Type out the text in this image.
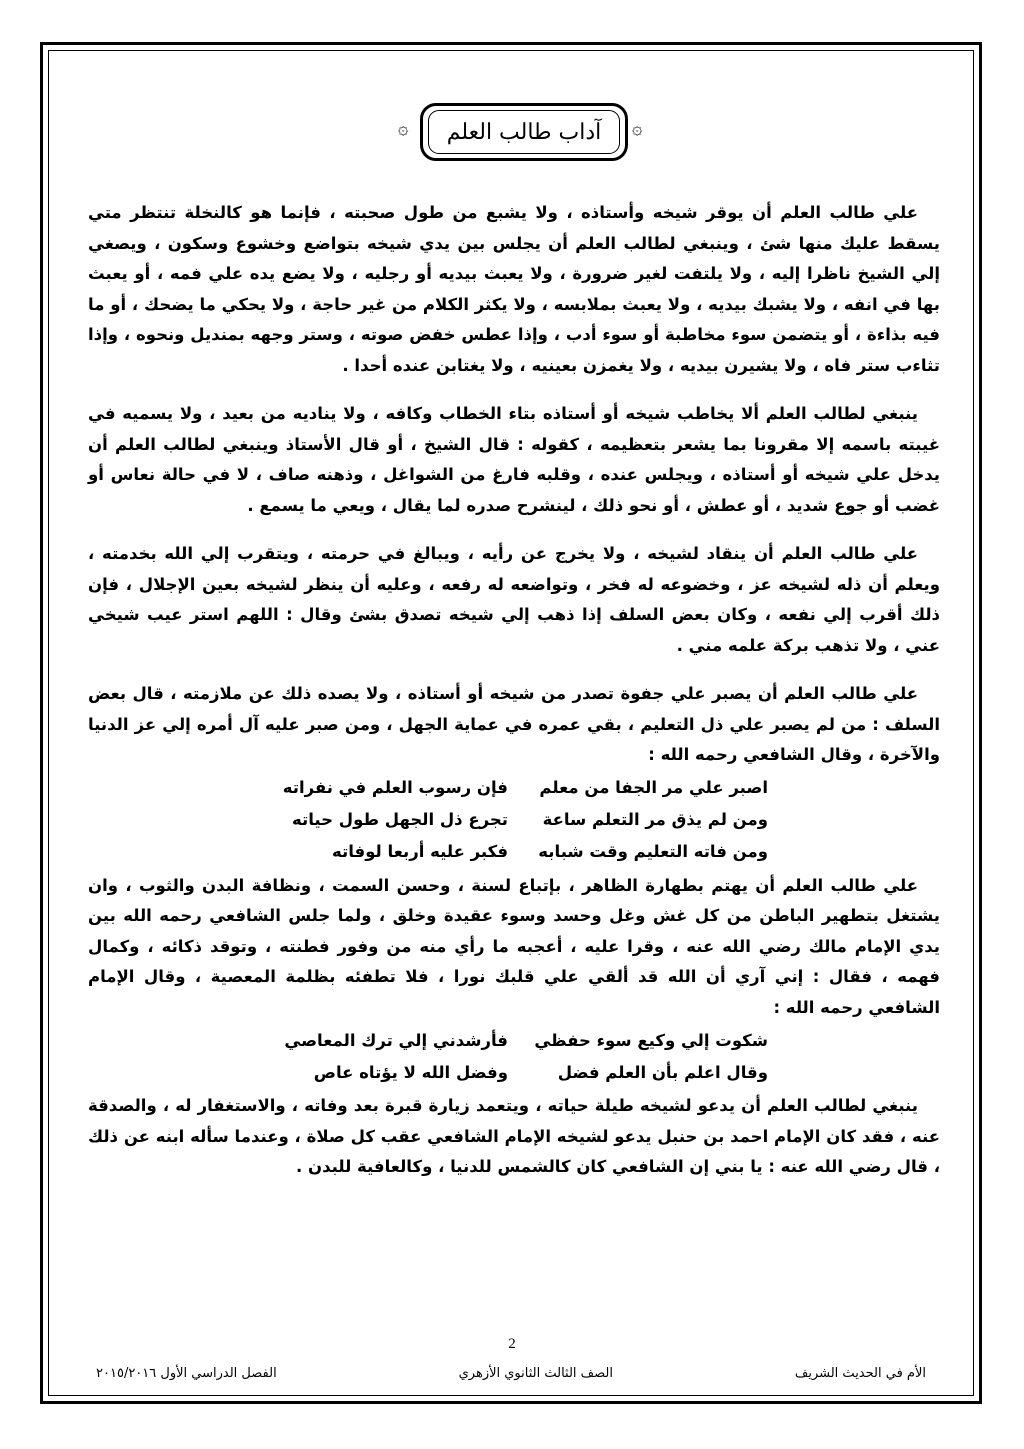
۞
آداب طالب العلم
۞

علي طالب العلم أن يوقر شيخه وأستاذه ، ولا يشبع من طول صحبته ، فإنما هو كالنخلة تنتظر متي يسقط عليك منها شئ ، وينبغي لطالب العلم أن يجلس بين يدي شيخه بتواضع وخشوع وسكون ، ويصغي إلي الشيخ ناظرا إليه ، ولا يلتفت لغير ضرورة ، ولا يعبث بيديه أو رجليه ، ولا يضع يده علي فمه ، أو يعبث بها في انفه ، ولا يشبك بيديه ، ولا يعبث بملابسه ، ولا يكثر الكلام من غير حاجة ، ولا يحكي ما يضحك ، أو ما فيه بذاءة ، أو يتضمن سوء مخاطبة أو سوء أدب ، وإذا عطس خفض صوته ، وستر وجهه بمنديل ونحوه ، وإذا تثاءب ستر فاه ، ولا يشيرن بيديه ، ولا يغمزن بعينيه ، ولا يغتابن عنده أحدا .

ينبغي لطالب العلم ألا يخاطب شيخه أو أستاذه بتاء الخطاب وكافه ، ولا يناديه من بعيد ، ولا يسميه في غيبته باسمه إلا مقرونا بما يشعر بتعظيمه ، كقوله : قال الشيخ ، أو قال الأستاذ وينبغي لطالب العلم أن يدخل علي شيخه أو أستاذه ، ويجلس عنده ، وقلبه فارغ من الشواغل ، وذهنه صاف ، لا في حالة نعاس أو غضب أو جوع شديد ، أو عطش ، أو نحو ذلك ، لينشرح صدره لما يقال ، ويعي ما يسمع .

علي طالب العلم أن ينقاد لشيخه ، ولا يخرج عن رأيه ، ويبالغ في حرمته ، ويتقرب إلي الله بخدمته ، ويعلم أن ذله لشيخه عز ، وخضوعه له فخر ، وتواضعه له رفعه ، وعليه أن ينظر لشيخه بعين الإجلال ، فإن ذلك أقرب إلي نفعه ، وكان بعض السلف إذا ذهب إلي شيخه تصدق بشئ وقال : اللهم استر عيب شيخي عني ، ولا تذهب بركة علمه مني .

علي طالب العلم أن يصبر علي جفوة تصدر من شيخه أو أستاذه ، ولا يصده ذلك عن ملازمته ، قال بعض السلف : من لم يصبر علي ذل التعليم ، بقي عمره في عماية الجهل ، ومن صبر عليه آل أمره إلي عز الدنيا والآخرة ، وقال الشافعي رحمه الله :

اصبر علي مر الجفا من معلم
فإن رسوب العلم في نفراته
ومن لم يذق مر التعلم ساعة
تجرع ذل الجهل طول حياته
ومن فاته التعليم وقت شبابه
فكبر عليه أربعا لوفاته

علي طالب العلم أن يهتم بطهارة الظاهر ، بإتباع لسنة ، وحسن السمت ، ونظافة البدن والثوب ، وان يشتغل بتطهير الباطن من كل غش وغل وحسد وسوء عقيدة وخلق ، ولما جلس الشافعي رحمه الله بين يدي الإمام مالك رضي الله عنه ، وقرا عليه ، أعجبه ما رأي منه من وفور فطنته ، وتوقد ذكائه ، وكمال فهمه ، فقال : إني آري أن الله قد ألقي علي قلبك نورا ، فلا تطفئه بظلمة المعصية ، وقال الإمام الشافعي رحمه الله :

شكوت إلي وكيع سوء حفظي
فأرشدني إلي ترك المعاصي
وقال اعلم بأن العلم فضل
وفضل الله لا يؤتاه عاص

ينبغي لطالب العلم أن يدعو لشيخه طيلة حياته ، ويتعمد زيارة قبرة بعد وفاته ، والاستغفار له ، والصدقة عنه ، فقد كان الإمام احمد بن حنبل يدعو لشيخه الإمام الشافعي عقب كل صلاة ، وعندما سأله ابنه عن ذلك ، قال رضي الله عنه : يا بني إن الشافعي كان كالشمس للدنيا ، وكالعافية للبدن .

2
الأم في الحديث الشريف
الصف الثالث الثانوي الأزهري
الفصل الدراسي الأول ٢٠١٥/٢٠١٦
